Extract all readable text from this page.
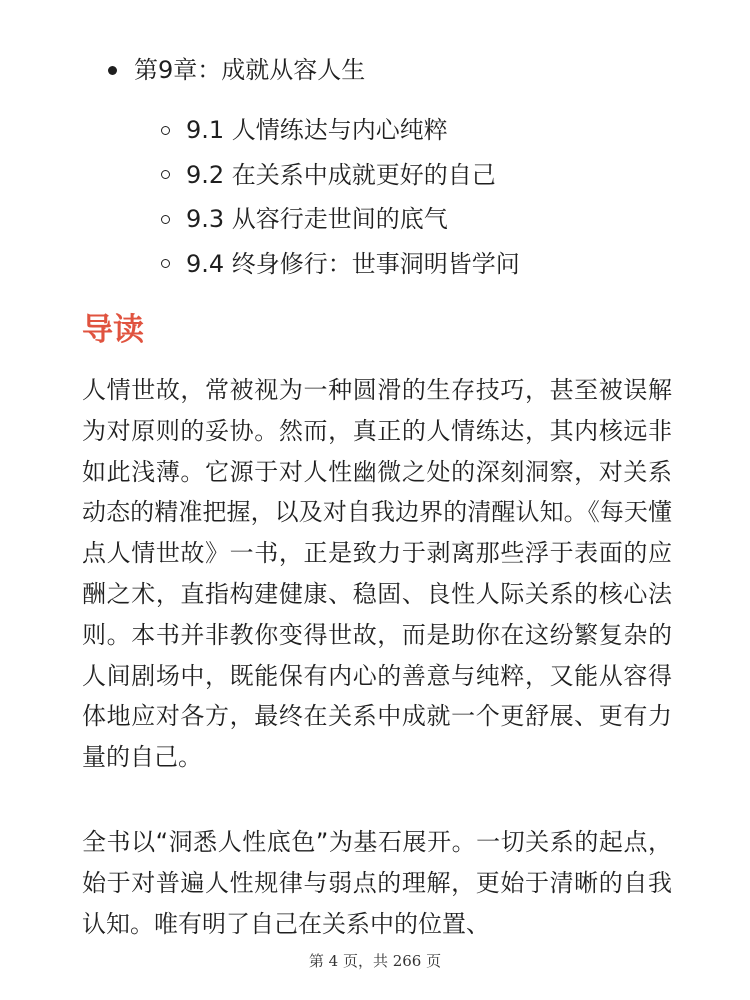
第9章：成就从容人生
9.1 人情练达与内心纯粹
9.2 在关系中成就更好的自己
9.3 从容行走世间的底气
9.4 终身修行：世事洞明皆学问
导读

人情世故，常被视为一种圆滑的生存技巧，甚至被误解为对原则的妥协。然而，真正的人情练达，其内核远非如此浅薄。它源于对人性幽微之处的深刻洞察，对关系动态的精准把握，以及对自我边界的清醒认知。《每天懂点人情世故》一书，正是致力于剥离那些浮于表面的应酬之术，直指构建健康、稳固、良性人际关系的核心法则。本书并非教你变得世故，而是助你在这纷繁复杂的人间剧场中，既能保有内心的善意与纯粹，又能从容得体地应对各方，最终在关系中成就一个更舒展、更有力量的自己。

全书以“洞悉人性底色”为基石展开。一切关系的起点，始于对普遍人性规律与弱点的理解，更始于清晰的自我认知。唯有明了自己在关系中的位置、

第 4 页，共 266 页
